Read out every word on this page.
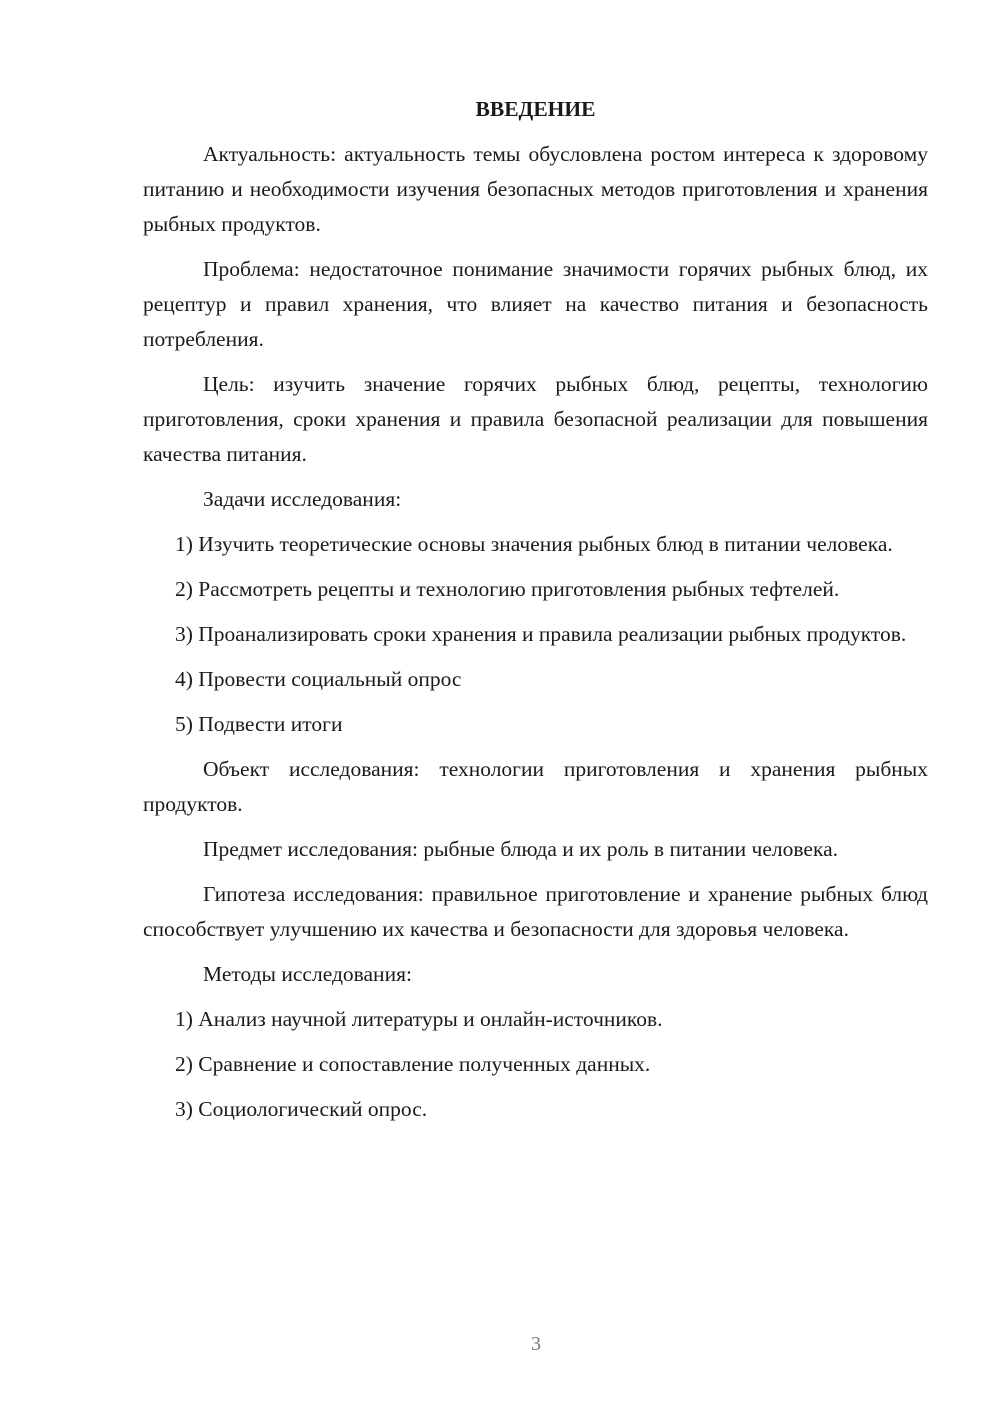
ВВЕДЕНИЕ

Актуальность: актуальность темы обусловлена ростом интереса к здоровому питанию и необходимости изучения безопасных методов приготовления и хранения рыбных продуктов.

Проблема: недостаточное понимание значимости горячих рыбных блюд, их рецептур и правил хранения, что влияет на качество питания и безопасность потребления.

Цель: изучить значение горячих рыбных блюд, рецепты, технологию приготовления, сроки хранения и правила безопасной реализации для повышения качества питания.

Задачи исследования:

1) Изучить теоретические основы значения рыбных блюд в питании человека.

2) Рассмотреть рецепты и технологию приготовления рыбных тефтелей.

3) Проанализировать сроки хранения и правила реализации рыбных продуктов.

4) Провести социальный опрос

5) Подвести итоги

Объект исследования: технологии приготовления и хранения рыбных продуктов.

Предмет исследования: рыбные блюда и их роль в питании человека.

Гипотеза исследования: правильное приготовление и хранение рыбных блюд способствует улучшению их качества и безопасности для здоровья человека.

Методы исследования:

1) Анализ научной литературы и онлайн-источников.

2) Сравнение и сопоставление полученных данных.

3) Социологический опрос.

3
